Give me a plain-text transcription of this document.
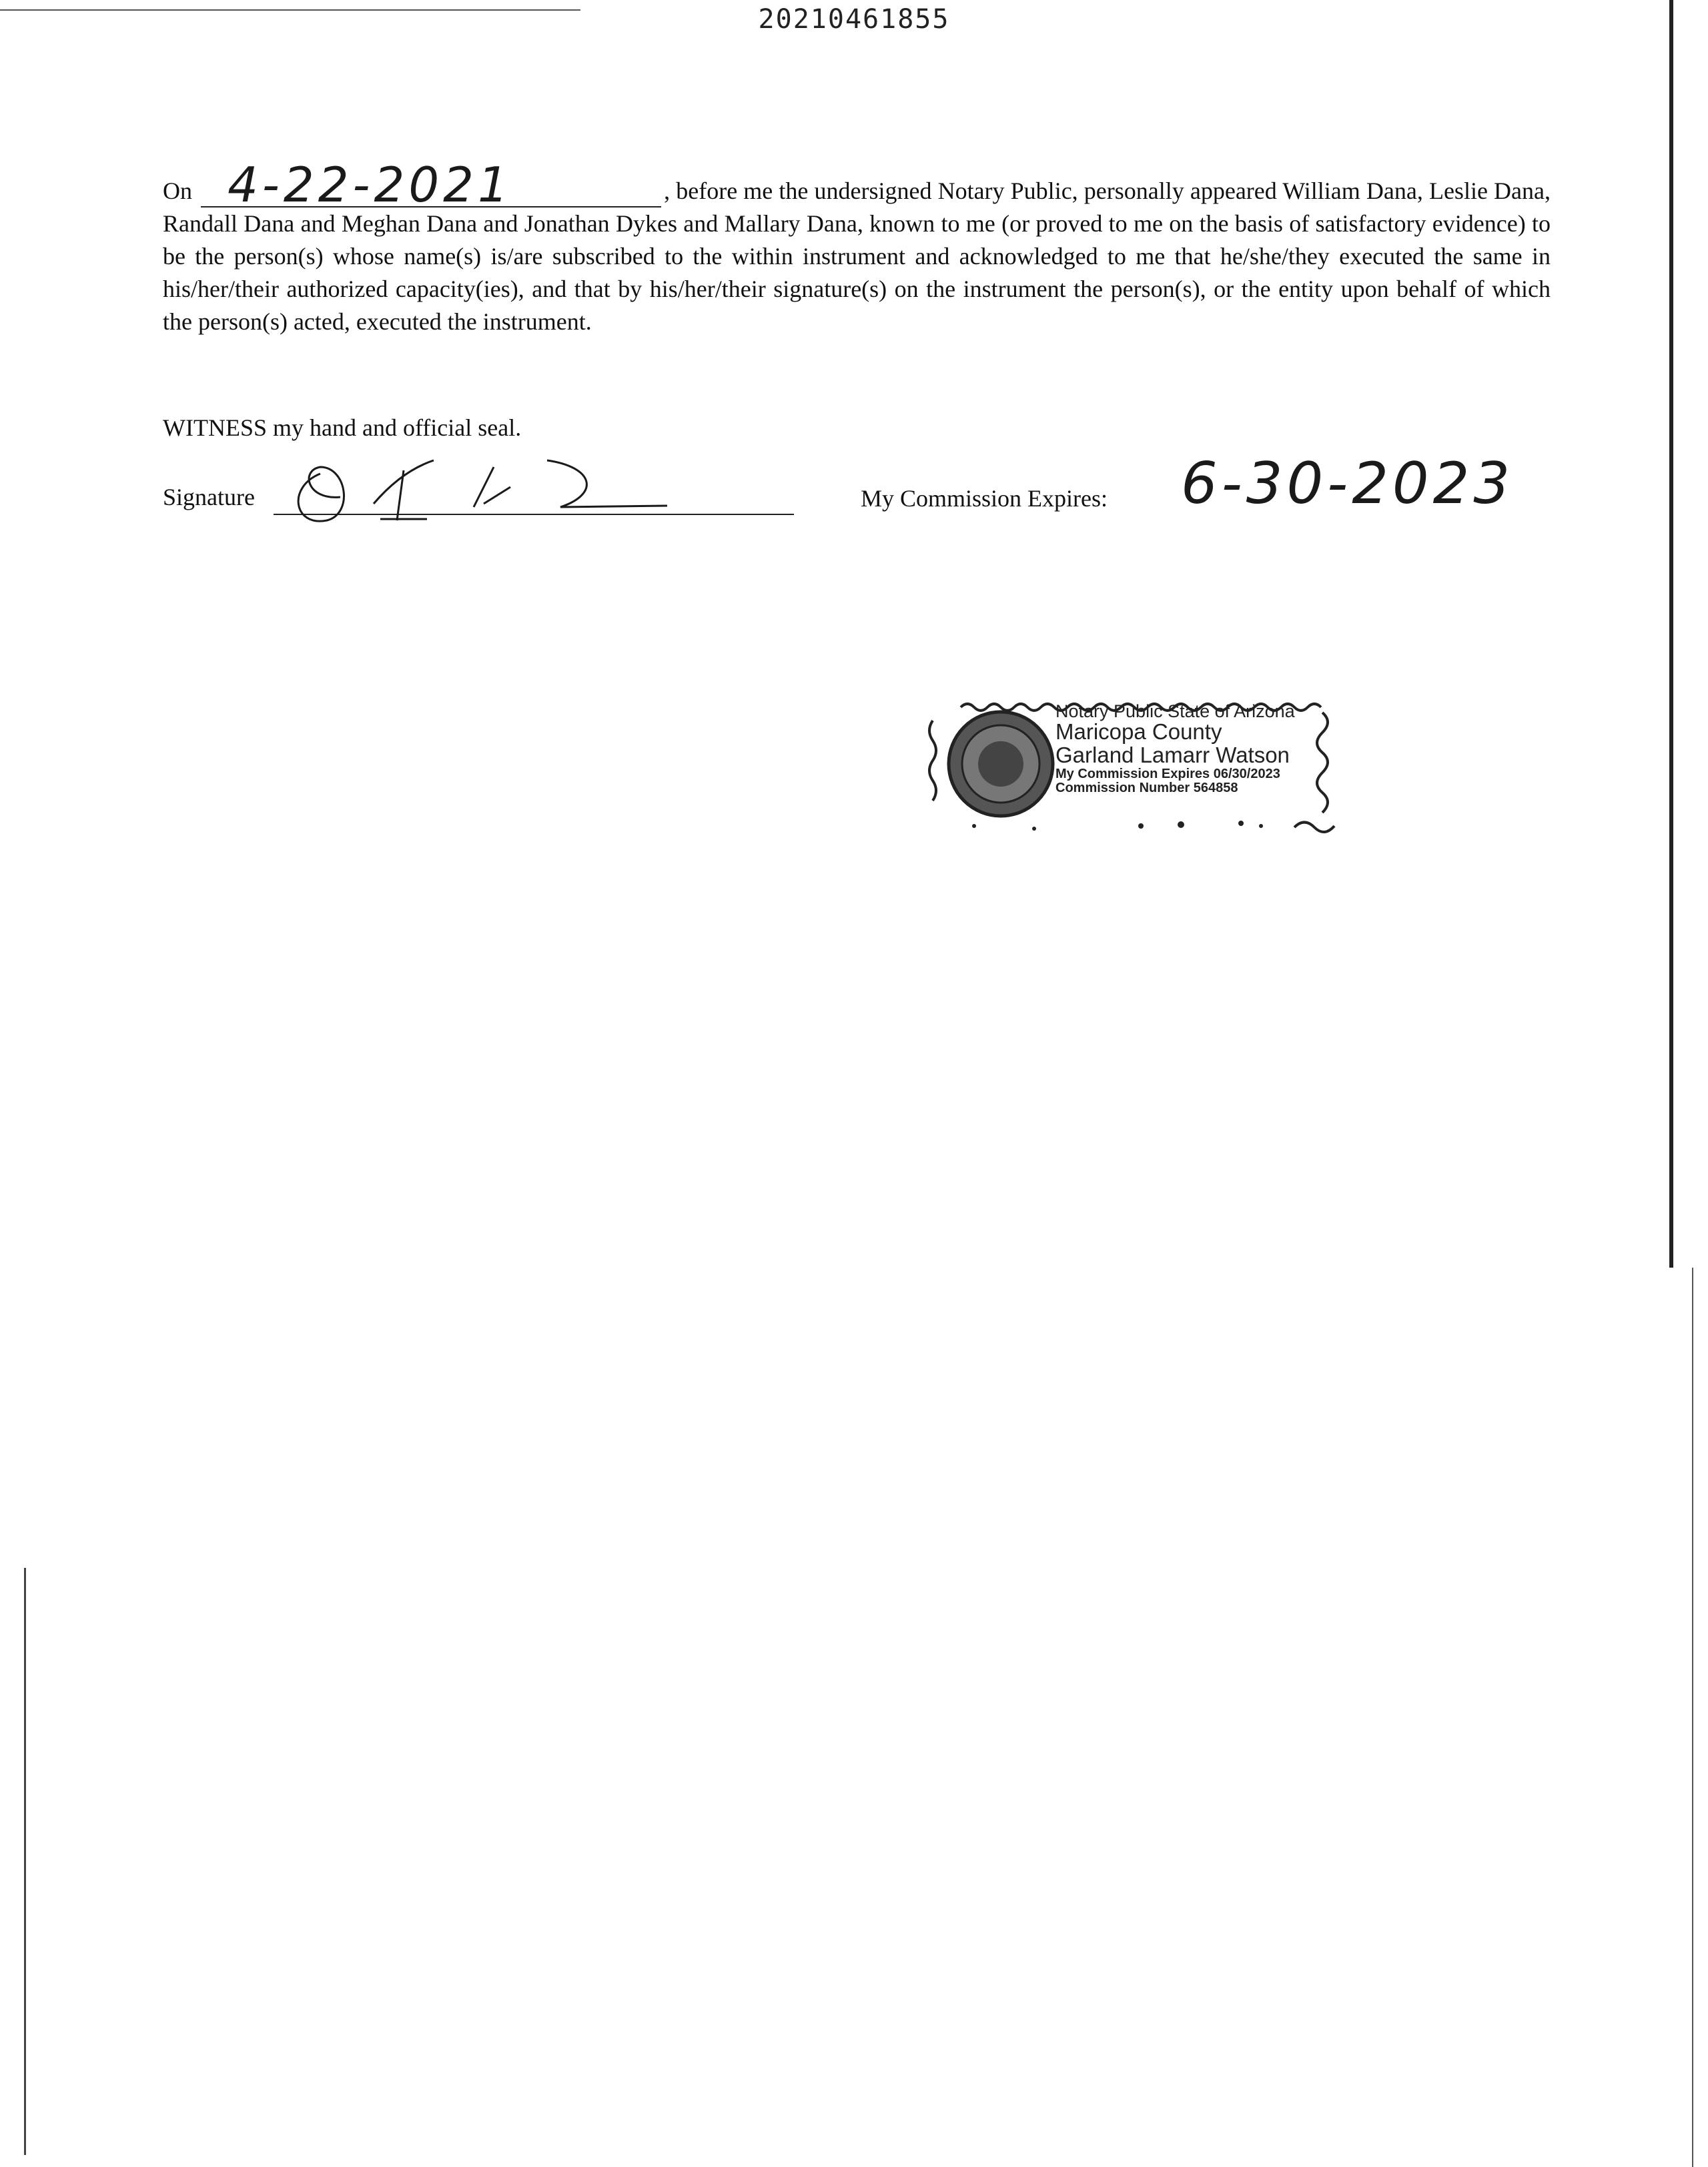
20210461855
On 4-22-2021	, before me the undersigned Notary Public, personally appeared William Dana, Leslie Dana, Randall Dana and Meghan Dana and Jonathan Dykes and Mallary Dana, known to me (or proved to me on the basis of satisfactory evidence) to be the person(s) whose name(s) is/are subscribed to the within instrument and acknowledged to me that he/she/they executed the same in his/her/their authorized capacity(ies), and that by his/her/their signature(s) on the instrument the person(s), or the entity upon behalf of which the person(s) acted, executed the instrument.
WITNESS my hand and official seal.
Signature	My Commission Expires: 6-30-2023
Notary Public State of Arizona
Maricopa County
Garland Lamarr Watson
My Commission Expires 06/30/2023
Commission Number 564858
